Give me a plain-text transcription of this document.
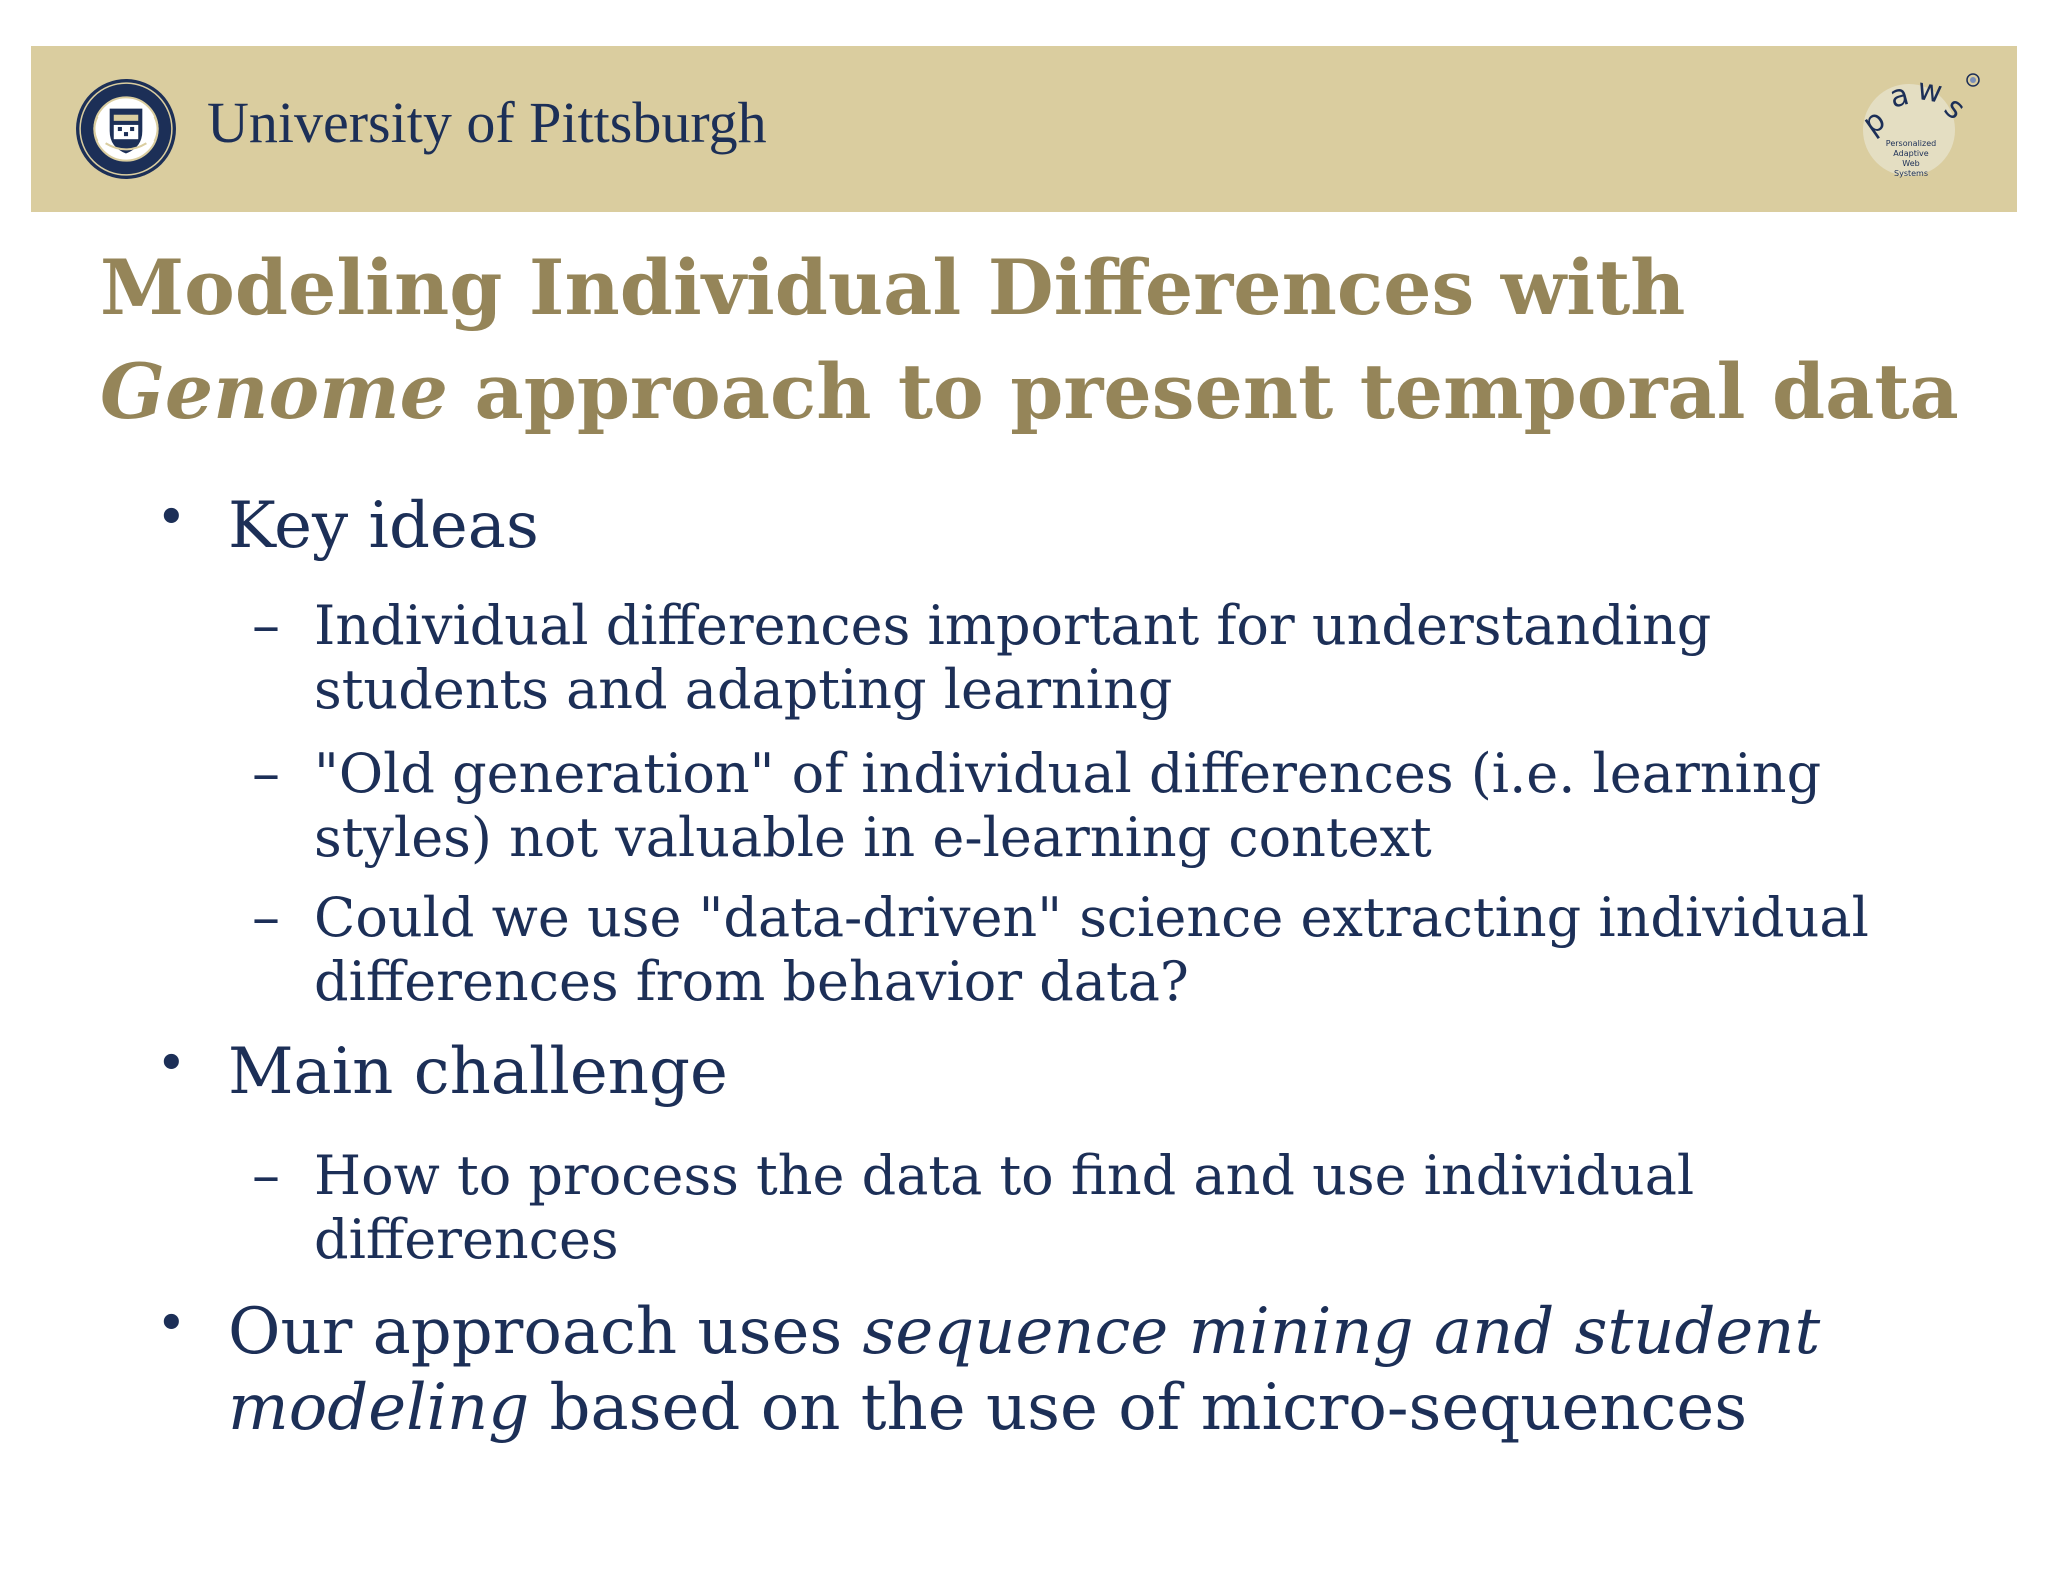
University of Pittsburgh	p
a w
s
Personalized
Adaptive
Web
Systems
Modeling Individual Differences with
Genome approach to present temporal data
• Key ideas
– Individual differences important for understanding
students and adapting learning
– "Old generation" of individual differences (i.e. learning
styles) not valuable in e-learning context
– Could we use "data-driven" science extracting individual
differences from behavior data?
• Main challenge
– How to process the data to find and use individual
differences
• Our approach uses sequence mining and student
modeling based on the use of micro-sequences
